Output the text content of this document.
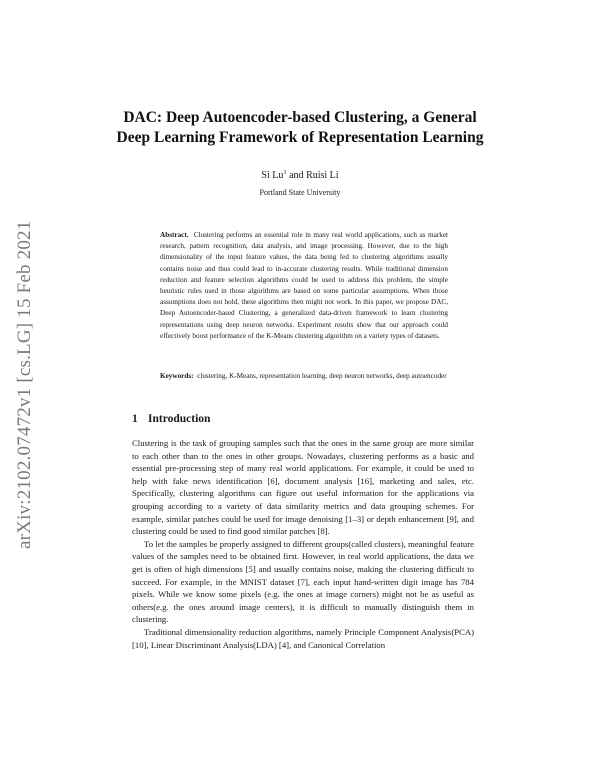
arXiv:2102.07472v1 [cs.LG] 15 Feb 2021
DAC: Deep Autoencoder-based Clustering, a General
Deep Learning Framework of Representation Learning
Si Lu$^1$ and Ruisi Li
Portland State University
Abstract. Clustering performs an essential role in many real world applications, such as market research, pattern recognition, data analysis, and image processing. However, due to the high dimensionality of the input feature values, the data being fed to clustering algorithms usually contains noise and thus could lead to in-accurate clustering results. While traditional dimension reduction and feature selection algorithms could be used to address this problem, the simple heuristic rules used in those algorithms are based on some particular assumptions. When those assumptions does not hold, these algorithms then might not work. In this paper, we propose DAC, Deep Autoencoder-based Clustering, a generalized data-driven framework to learn clustering representations using deep neuron networks. Experiment results show that our approach could effectively boost performance of the K-Means clustering algorithm on a variety types of datasets.
Keywords: clustering, K-Means, representation learning, deep neuron networks, deep autoencoder
1 Introduction

Clustering is the task of grouping samples such that the ones in the same group are more similar to each other than to the ones in other groups. Nowadays, clustering performs as a basic and essential pre-processing step of many real world applications. For example, it could be used to help with fake news identification [6], document analysis [16], marketing and sales, etc. Specifically, clustering algorithms can figure out useful information for the applications via grouping according to a variety of data similarity metrics and data grouping schemes. For example, similar patches could be used for image denoising [1–3] or depth enhancement [9], and clustering could be used to find good similar patches [8].

To let the samples be properly assigned to different groups(called clusters), meaningful feature values of the samples need to be obtained first. However, in real world applications, the data we get is often of high dimensions [5] and usually contains noise, making the clustering difficult to succeed. For example, in the MNIST dataset [7], each input hand-written digit image has 784 pixels. While we know some pixels (e.g. the ones at image corners) might not be as useful as others(e.g. the ones around image centers), it is difficult to manually distinguish them in clustering.

Traditional dimensionality reduction algorithms, namely Principle Component Analysis(PCA) [10], Linear Discriminant Analysis(LDA) [4], and Canonical Correlation
